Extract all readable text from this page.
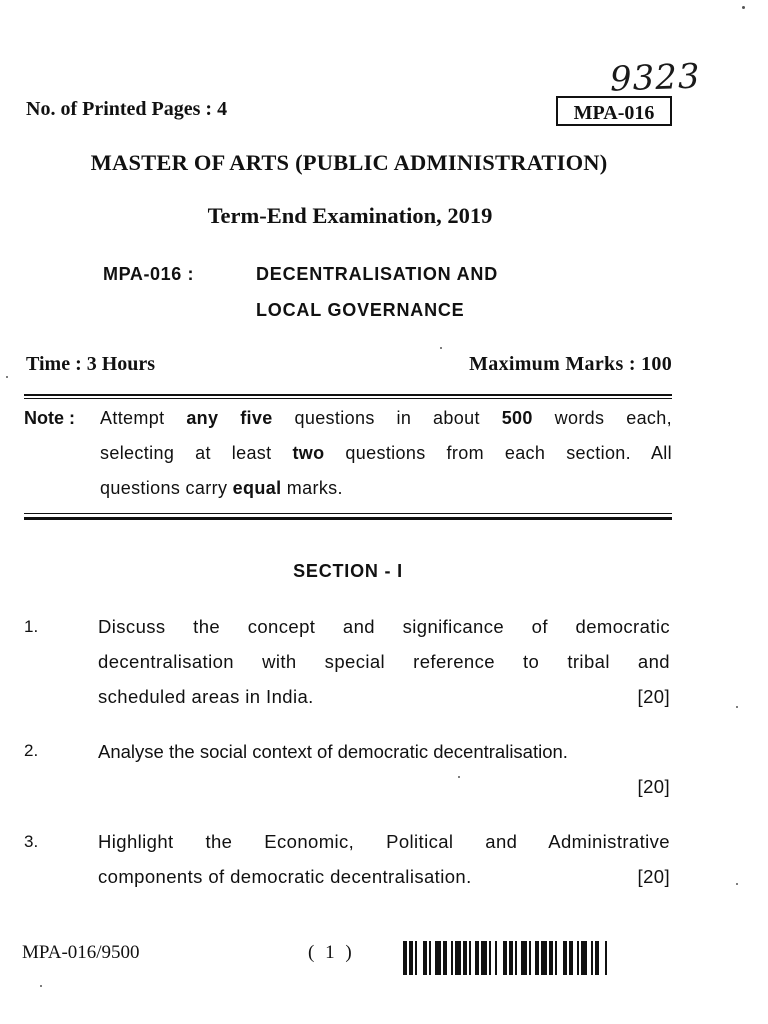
9323
No. of Printed Pages : 4	MPA-016
MASTER OF ARTS (PUBLIC ADMINISTRATION)
Term-End Examination, 2019
MPA-016 :	DECENTRALISATION AND
LOCAL GOVERNANCE
Time : 3 Hours	Maximum Marks : 100
Note : Attempt any five questions in about 500 words each,
selecting at least two questions from each section. All
questions carry equal marks.
SECTION - I
1.	Discuss the concept and significance of democratic
decentralisation with special reference to tribal and
scheduled areas in India.	[20]
2.	Analyse the social context of democratic decentralisation.
[20]
3.	Highlight the Economic, Political and Administrative
components of democratic decentralisation.	[20]
MPA-016/9500	( 1 )
